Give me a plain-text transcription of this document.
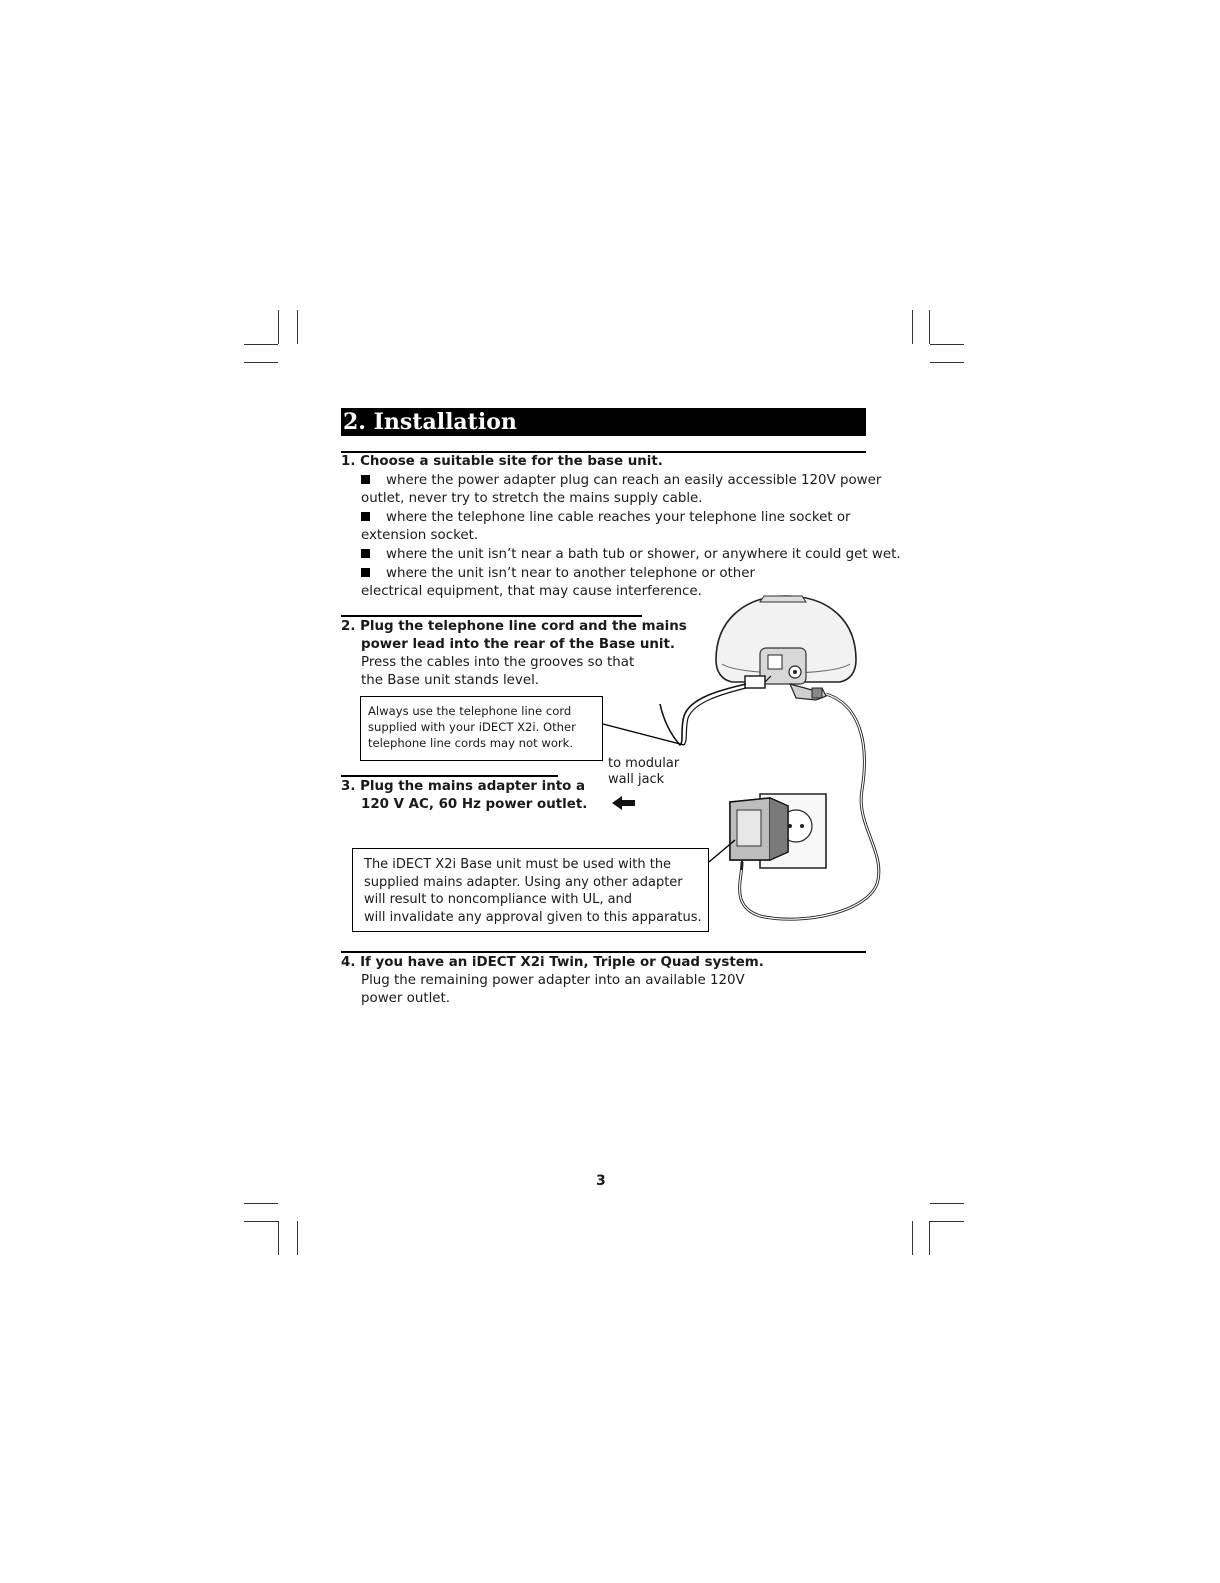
2. Installation
1. Choose a suitable site for the base unit.
where the power adapter plug can reach an easily accessible 120V power
outlet, never try to stretch the mains supply cable.
where the telephone line cable reaches your telephone line socket or
extension socket.
where the unit isn’t near a bath tub or shower, or anywhere it could get wet.
where the unit isn’t near to another telephone or other
electrical equipment, that may cause interference.
2. Plug the telephone line cord and the mains
power lead into the rear of the Base unit.
Press the cables into the grooves so that
the Base unit stands level.
Always use the telephone line cord
supplied with your iDECT X2i. Other
telephone line cords may not work.
3. Plug the mains adapter into a
120 V AC, 60 Hz power outlet.
to modular
wall jack
The iDECT X2i Base unit must be used with the
supplied mains adapter. Using any other adapter
will result to noncompliance with UL, and
will invalidate any approval given to this apparatus.
4. If you have an iDECT X2i Twin, Triple or Quad system.
Plug the remaining power adapter into an available 120V
power outlet.
3
